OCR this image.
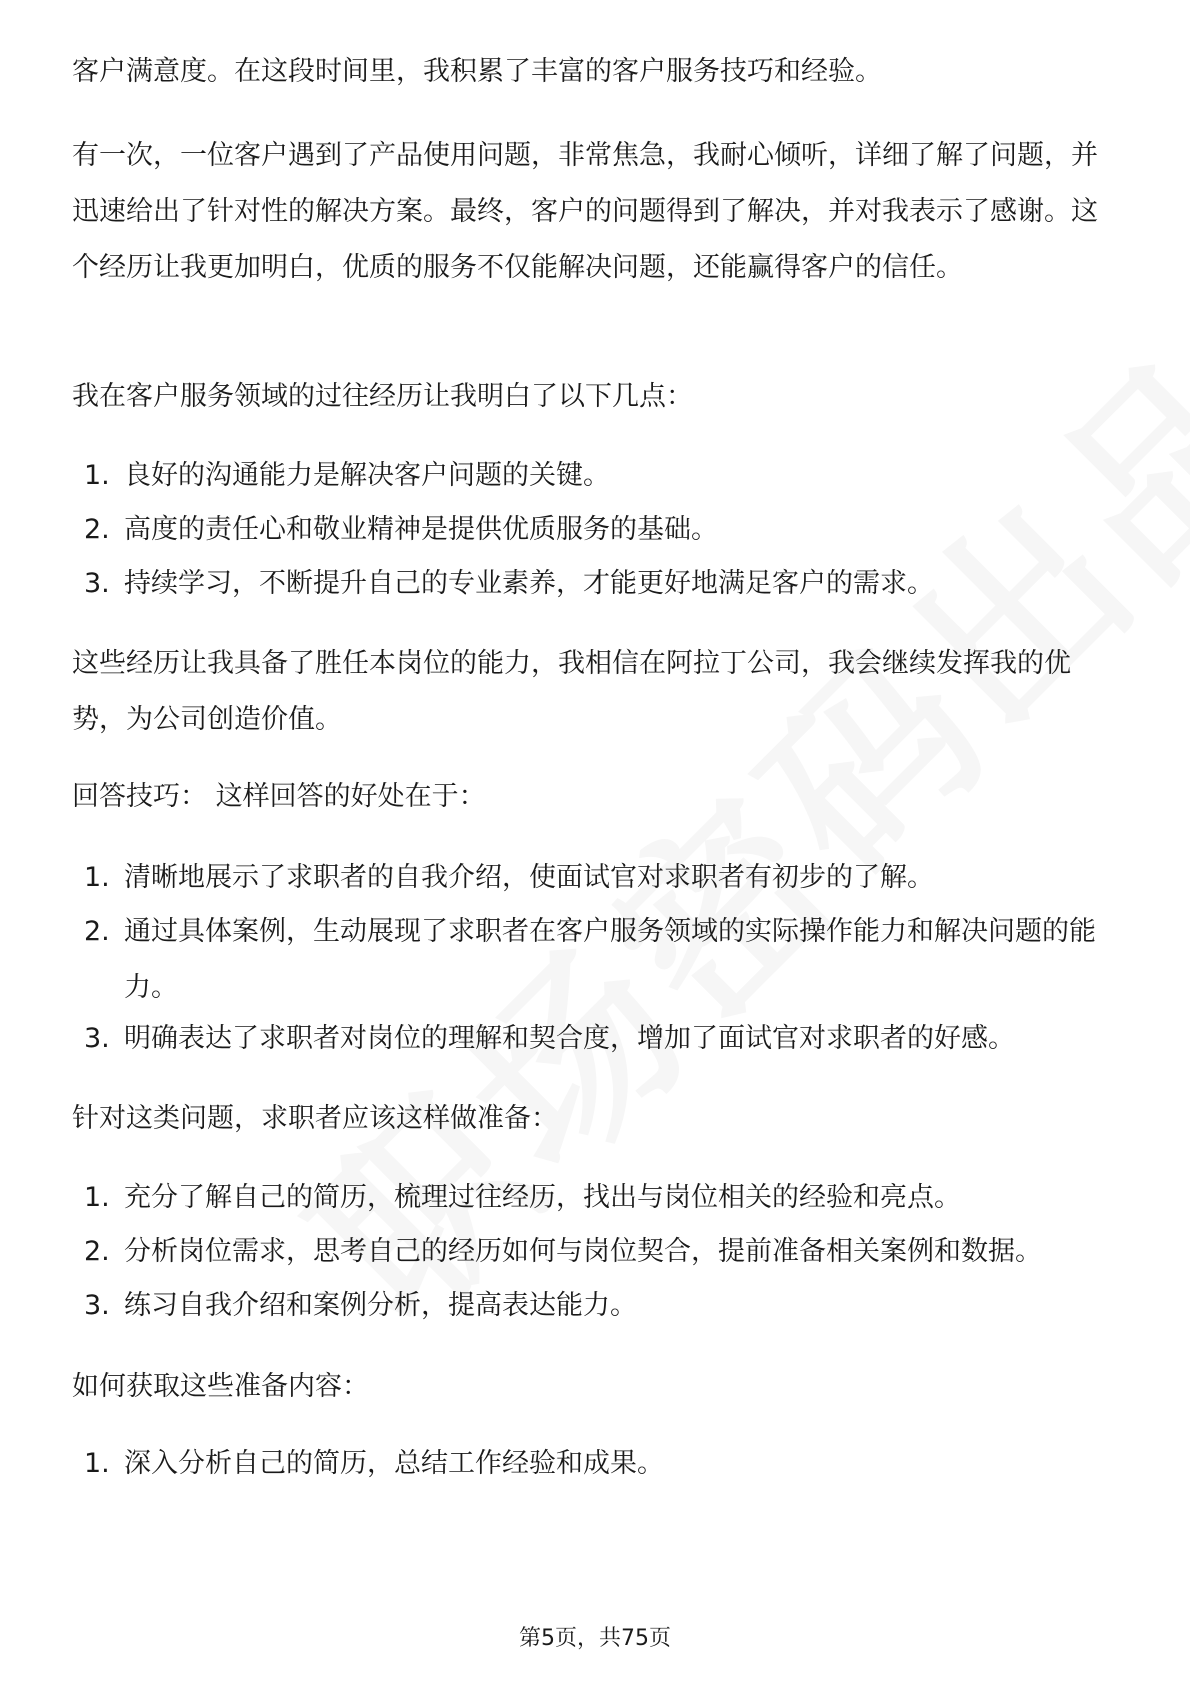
客户满意度。在这段时间里，我积累了丰富的客户服务技巧和经验。

有一次，一位客户遇到了产品使用问题，非常焦急，我耐心倾听，详细了解了问题，并迅速给出了针对性的解决方案。最终，客户的问题得到了解决，并对我表示了感谢。这个经历让我更加明白，优质的服务不仅能解决问题，还能赢得客户的信任。

我在客户服务领域的过往经历让我明白了以下几点：

1. 良好的沟通能力是解决客户问题的关键。
2. 高度的责任心和敬业精神是提供优质服务的基础。
3. 持续学习，不断提升自己的专业素养，才能更好地满足客户的需求。

这些经历让我具备了胜任本岗位的能力，我相信在阿拉丁公司，我会继续发挥我的优势，为公司创造价值。

回答技巧： 这样回答的好处在于：

1. 清晰地展示了求职者的自我介绍，使面试官对求职者有初步的了解。
2. 通过具体案例，生动展现了求职者在客户服务领域的实际操作能力和解决问题的能力。
3. 明确表达了求职者对岗位的理解和契合度，增加了面试官对求职者的好感。

针对这类问题，求职者应该这样做准备：

1. 充分了解自己的简历，梳理过往经历，找出与岗位相关的经验和亮点。
2. 分析岗位需求，思考自己的经历如何与岗位契合，提前准备相关案例和数据。
3. 练习自我介绍和案例分析，提高表达能力。

如何获取这些准备内容：

1. 深入分析自己的简历，总结工作经验和成果。
第5页，共75页
